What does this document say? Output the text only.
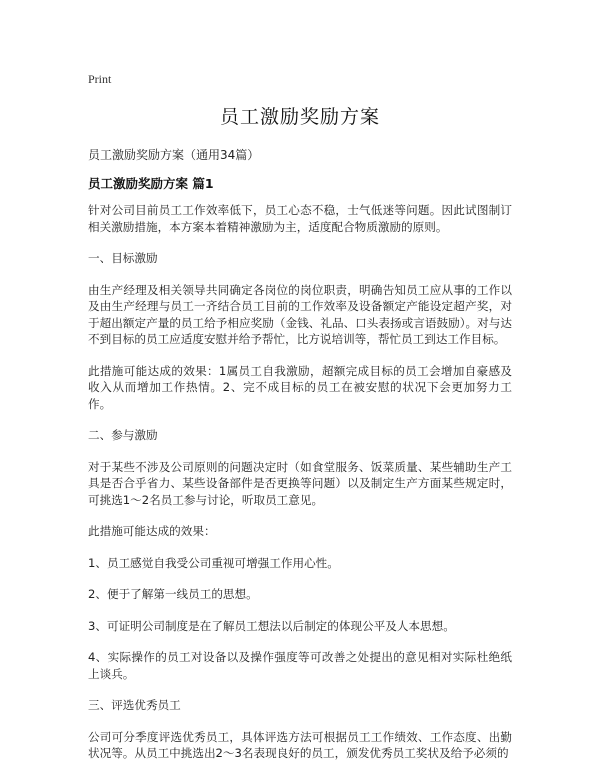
Print
员工激励奖励方案
员工激励奖励方案（通用34篇）
员工激励奖励方案 篇1

针对公司目前员工工作效率低下，员工心态不稳，士气低迷等问题。因此试图制订相关激励措施，本方案本着精神激励为主，适度配合物质激励的原则。

一、目标激励

由生产经理及相关领导共同确定各岗位的岗位职责，明确告知员工应从事的工作以及由生产经理与员工一齐结合员工目前的工作效率及设备额定产能设定超产奖，对于超出额定产量的员工给予相应奖励（金钱、礼品、口头表扬或言语鼓励）。对与达不到目标的员工应适度安慰并给予帮忙，比方说培训等，帮忙员工到达工作目标。

此措施可能达成的效果：1属员工自我激励，超额完成目标的员工会增加自豪感及收入从而增加工作热情。2、完不成目标的员工在被安慰的状况下会更加努力工作。

二、参与激励

对于某些不涉及公司原则的问题决定时（如食堂服务、饭菜质量、某些辅助生产工具是否合乎省力、某些设备部件是否更换等问题）以及制定生产方面某些规定时，可挑选1～2名员工参与讨论，听取员工意见。

此措施可能达成的效果：

1、员工感觉自我受公司重视可增强工作用心性。

2、便于了解第一线员工的思想。

3、可证明公司制度是在了解员工想法以后制定的体现公平及人本思想。

4、实际操作的员工对设备以及操作强度等可改善之处提出的意见相对实际杜绝纸上谈兵。

三、评选优秀员工

公司可分季度评选优秀员工，具体评选方法可根据员工工作绩效、工作态度、出勤状况等。从员工中挑选出2～3名表现良好的员工，颁发优秀员工奖状及给予必须的
